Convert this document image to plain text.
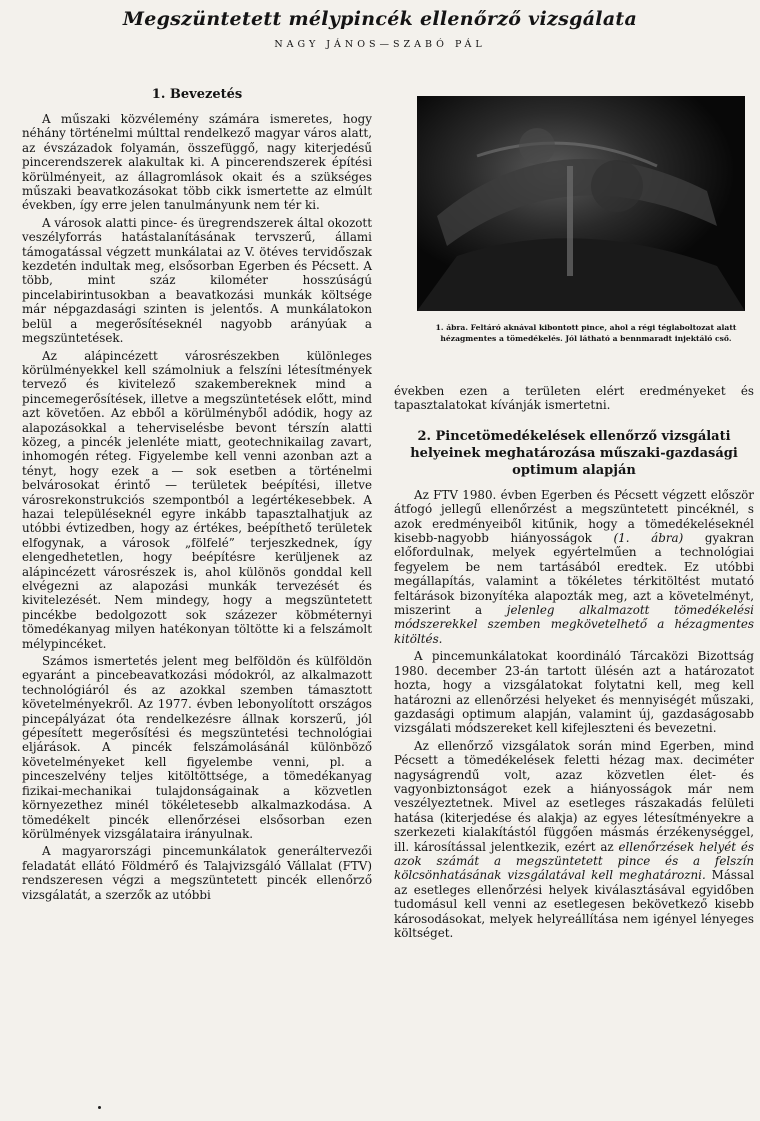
Megszüntetett mélypincék ellenőrző vizsgálata
NAGY JÁNOS—SZABÓ PÁL
1. Bevezetés

A műszaki közvélemény számára ismeretes, hogy néhány történelmi múlttal rendelkező magyar város alatt, az évszázadok folyamán, összefüggő, nagy kiterjedésű pincerendszerek alakultak ki. A pincerendszerek építési körülményeit, az állagromlások okait és a szükséges műszaki beavatkozásokat több cikk ismertette az elmúlt években, így erre jelen tanulmányunk nem tér ki.

A városok alatti pince- és üregrendszerek által okozott veszélyforrás hatástalanításának tervszerű, állami támogatással végzett munkálatai az V. ötéves tervidőszak kezdetén indultak meg, elsősorban Egerben és Pécsett. A több, mint száz kilométer hosszúságú pincelabirintusokban a beavatkozási munkák költsége már népgazdasági szinten is jelentős. A munkálatokon belül a megerősítéseknél nagyobb arányúak a megszüntetések.

Az alápincézett városrészekben különleges körülményekkel kell számolniuk a felszíni létesítmények tervező és kivitelező szakembereknek mind a pincemegerősítések, illetve a megszüntetések előtt, mind azt követően. Az ebből a körülményből adódik, hogy az alapozásokkal a teherviselésbe bevont térszín alatti közeg, a pincék jelenléte miatt, geotechnikailag zavart, inhomogén réteg. Figyelembe kell venni azonban azt a tényt, hogy ezek a — sok esetben a történelmi belvárosokat érintő — területek beépítési, illetve városrekonstrukciós szempontból a legértékesebbek. A hazai településeknél egyre inkább tapasztalhatjuk az utóbbi évtizedben, hogy az értékes, beépíthető területek elfogynak, a városok „fölfelé” terjeszkednek, így elengedhetetlen, hogy beépítésre kerüljenek az alápincézett városrészek is, ahol különös gonddal kell elvégezni az alapozási munkák tervezését és kivitelezését. Nem mindegy, hogy a megszüntetett pincékbe bedolgozott sok százezer köbméternyi tömedékanyag milyen hatékonyan töltötte ki a felszámolt mélypincéket.

Számos ismertetés jelent meg belföldön és külföldön egyaránt a pincebeavatkozási módokról, az alkalmazott technológiáról és az azokkal szemben támasztott követelményekről. Az 1977. évben lebonyolított országos pincepályázat óta rendelkezésre állnak korszerű, jól gépesített megerősítési és megszüntetési technológiai eljárások. A pincék felszámolásánál különböző követelményeket kell figyelembe venni, pl. a pinceszelvény teljes kitöltöttsége, a tömedékanyag fizikai-mechanikai tulajdonságainak a közvetlen környezethez minél tökéletesebb alkalmazkodása. A tömedékelt pincék ellenőrzései elsősorban ezen körülmények vizsgálataira irányulnak.

A magyarországi pincemunkálatok generáltervezői feladatát ellátó Földmérő és Talajvizsgáló Vállalat (FTV) rendszeresen végzi a megszüntetett pincék ellenőrző vizsgálatát, a szerzők az utóbbi

1. ábra. Feltáró aknával kibontott pince, ahol a régi téglaboltozat alatt hézagmentes a tömedékelés. Jól látható a bennmaradt injektáló cső.

években ezen a területen elért eredményeket és tapasztalatokat kívánják ismertetni.

2. Pincetömedékelések ellenőrző vizsgálati helyeinek meghatározása műszaki-gazdasági optimum alapján

Az FTV 1980. évben Egerben és Pécsett végzett először átfogó jellegű ellenőrzést a megszüntetett pincéknél, s azok eredményeiből kitűnik, hogy a tömedékeléseknél kisebb-nagyobb hiányosságok (1. ábra) gyakran előfordulnak, melyek egyértelműen a technológiai fegyelem be nem tartásából eredtek. Ez utóbbi megállapítás, valamint a tökéletes térkitöltést mutató feltárások bizonyítéka alapozták meg, azt a követelményt, miszerint a jelenleg alkalmazott tömedékelési módszerekkel szemben megkövetelhető a hézagmentes kitöltés.

A pincemunkálatokat koordináló Tárcaközi Bizottság 1980. december 23-án tartott ülésén azt a határozatot hozta, hogy a vizsgálatokat folytatni kell, meg kell határozni az ellenőrzési helyeket és mennyiségét műszaki, gazdasági optimum alapján, valamint új, gazdaságosabb vizsgálati módszereket kell kifejleszteni és bevezetni.

Az ellenőrző vizsgálatok során mind Egerben, mind Pécsett a tömedékelések feletti hézag max. deciméter nagyságrendű volt, azaz közvetlen élet- és vagyonbiztonságot ezek a hiányosságok már nem veszélyeztetnek. Mivel az esetleges rászakadás felületi hatása (kiterjedése és alakja) az egyes létesítményekre a szerkezeti kialakítástól függően másmás érzékenységgel, ill. károsítással jelentkezik, ezért az ellenőrzések helyét és azok számát a megszüntetett pince és a felszín kölcsönhatásának vizsgálatával kell meghatározni. Mással az esetleges ellenőrzési helyek kiválasztásával egyidőben tudomásul kell venni az esetlegesen bekövetkező kisebb károsodásokat, melyek helyreállítása nem igényel lényeges költséget.
